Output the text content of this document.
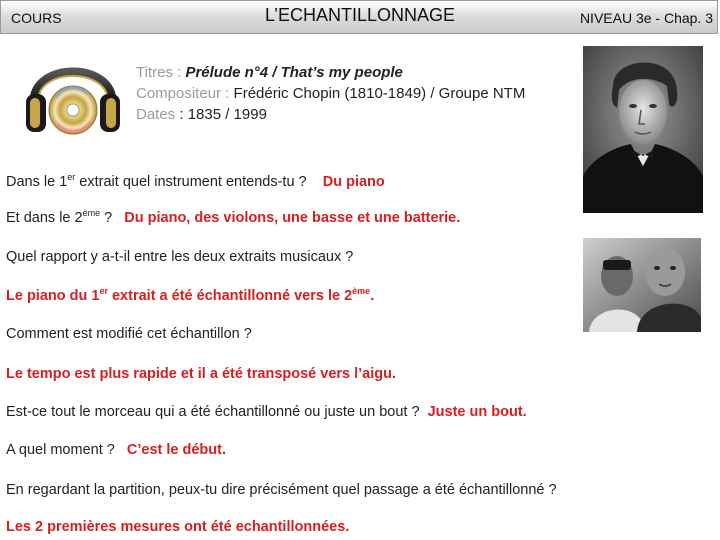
COURS	L’ECHANTILLONNAGE	NIVEAU 3e - Chap. 3
Titres : Prélude n°4 / That’s my people
Compositeur : Frédéric Chopin (1810-1849) / Groupe NTM
Dates : 1835 / 1999
Dans le 1er extrait quel instrument entends-tu ?    Du piano
Et dans le 2ème ?   Du piano, des violons, une basse et une batterie.
Quel rapport y a-t-il entre les deux extraits musicaux ?
Le piano du 1er extrait a été échantillonné vers le 2ème.
Comment est modifié cet échantillon ?
Le tempo est plus rapide et il a été transposé vers l’aigu.
Est-ce tout le morceau qui a été échantillonné ou juste un bout ?  Juste un bout.
A quel moment ?   C’est le début.
En regardant la partition, peux-tu dire précisément quel passage a été échantillonné ?
Les 2 premières mesures ont été echantillonnées.
